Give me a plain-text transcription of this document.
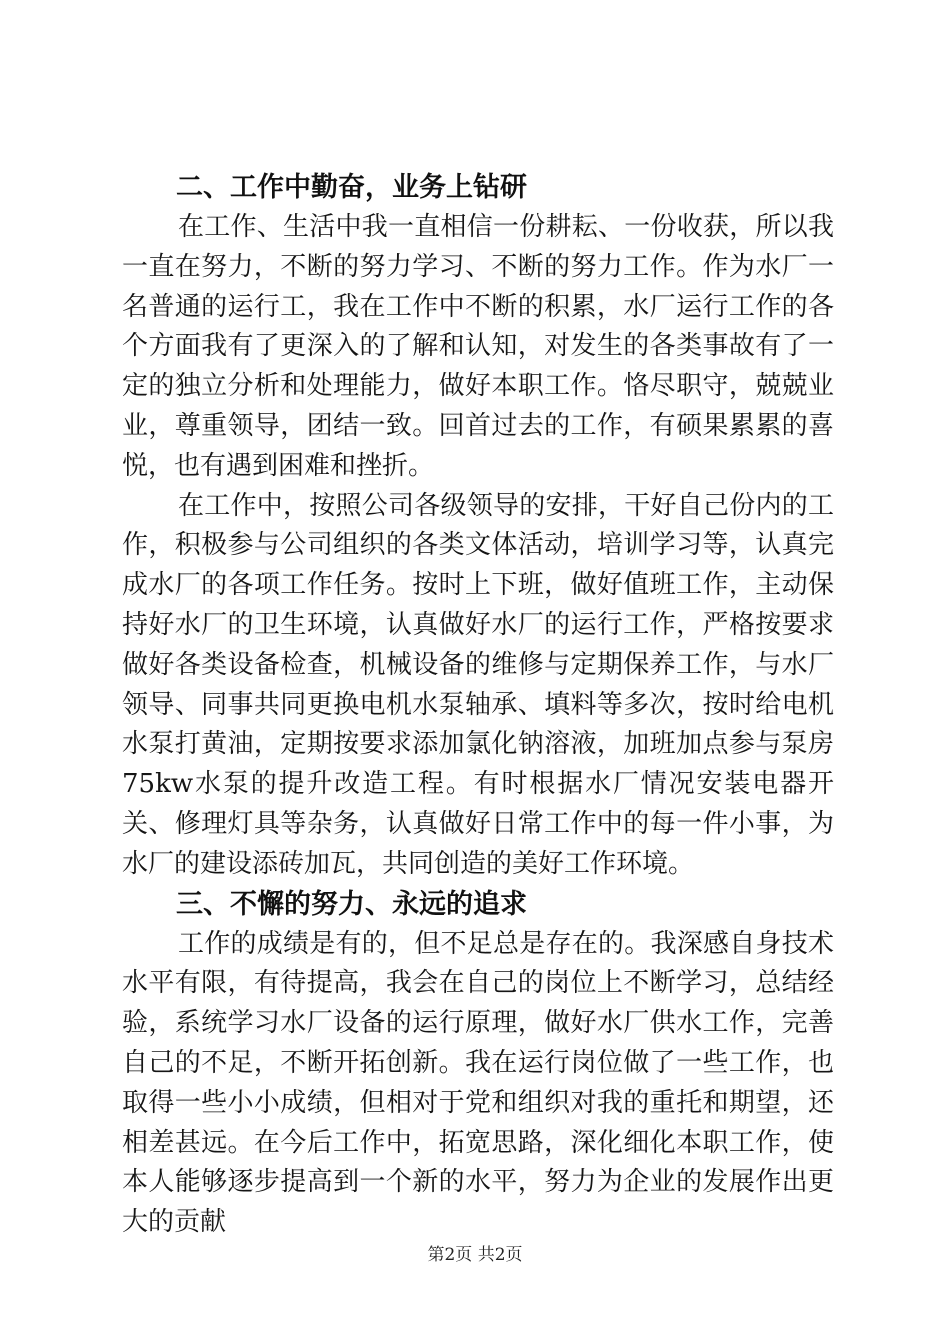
二、工作中勤奋，业务上钻研

在工作、生活中我一直相信一份耕耘、一份收获，所以我一直在努力，不断的努力学习、不断的努力工作。作为水厂一名普通的运行工，我在工作中不断的积累，水厂运行工作的各个方面我有了更深入的了解和认知，对发生的各类事故有了一定的独立分析和处理能力，做好本职工作。恪尽职守，兢兢业业，尊重领导，团结一致。回首过去的工作，有硕果累累的喜悦，也有遇到困难和挫折。

在工作中，按照公司各级领导的安排，干好自己份内的工作，积极参与公司组织的各类文体活动，培训学习等，认真完成水厂的各项工作任务。按时上下班，做好值班工作，主动保持好水厂的卫生环境，认真做好水厂的运行工作，严格按要求做好各类设备检查，机械设备的维修与定期保养工作，与水厂领导、同事共同更换电机水泵轴承、填料等多次，按时给电机水泵打黄油，定期按要求添加氯化钠溶液，加班加点参与泵房75kw水泵的提升改造工程。有时根据水厂情况安装电器开关、修理灯具等杂务，认真做好日常工作中的每一件小事，为水厂的建设添砖加瓦，共同创造的美好工作环境。

三、不懈的努力、永远的追求

工作的成绩是有的，但不足总是存在的。我深感自身技术水平有限，有待提高，我会在自己的岗位上不断学习，总结经验，系统学习水厂设备的运行原理，做好水厂供水工作，完善自己的不足，不断开拓创新。我在运行岗位做了一些工作，也取得一些小小成绩，但相对于党和组织对我的重托和期望，还相差甚远。在今后工作中，拓宽思路，深化细化本职工作，使本人能够逐步提高到一个新的水平，努力为企业的发展作出更大的贡献

第2页 共2页
